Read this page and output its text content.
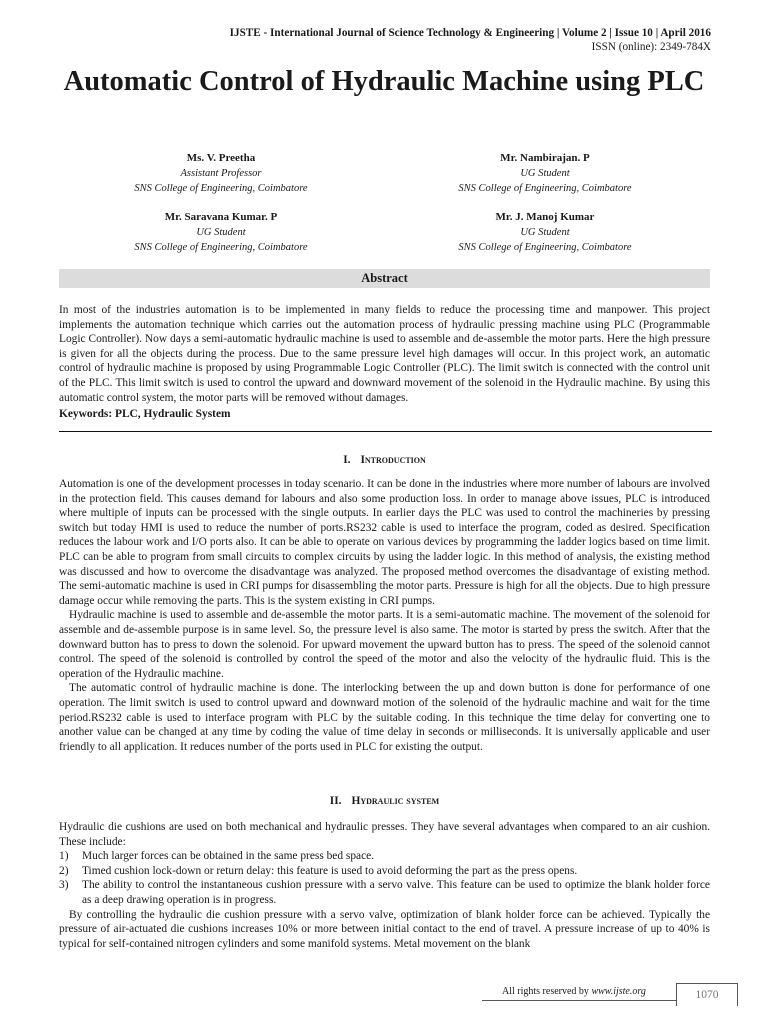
IJSTE - International Journal of Science Technology & Engineering | Volume 2 | Issue 10 | April 2016
ISSN (online): 2349-784X
Automatic Control of Hydraulic Machine using PLC
Ms. V. Preetha
Assistant Professor
SNS College of Engineering, Coimbatore
Mr. Nambirajan. P
UG Student
SNS College of Engineering, Coimbatore
Mr. Saravana Kumar. P
UG Student
SNS College of Engineering, Coimbatore
Mr. J. Manoj Kumar
UG Student
SNS College of Engineering, Coimbatore
Abstract

In most of the industries automation is to be implemented in many fields to reduce the processing time and manpower. This project implements the automation technique which carries out the automation process of hydraulic pressing machine using PLC (Programmable Logic Controller). Now days a semi-automatic hydraulic machine is used to assemble and de-assemble the motor parts. Here the high pressure is given for all the objects during the process. Due to the same pressure level high damages will occur. In this project work, an automatic control of hydraulic machine is proposed by using Programmable Logic Controller (PLC). The limit switch is connected with the control unit of the PLC. This limit switch is used to control the upward and downward movement of the solenoid in the Hydraulic machine. By using this automatic control system, the motor parts will be removed without damages.

Keywords: PLC, Hydraulic System
I. Introduction

Automation is one of the development processes in today scenario. It can be done in the industries where more number of labours are involved in the protection field. This causes demand for labours and also some production loss. In order to manage above issues, PLC is introduced where multiple of inputs can be processed with the single outputs. In earlier days the PLC was used to control the machineries by pressing switch but today HMI is used to reduce the number of ports.RS232 cable is used to interface the program, coded as desired. Specification reduces the labour work and I/O ports also. It can be able to operate on various devices by programming the ladder logics based on time limit. PLC can be able to program from small circuits to complex circuits by using the ladder logic. In this method of analysis, the existing method was discussed and how to overcome the disadvantage was analyzed. The proposed method overcomes the disadvantage of existing method. The semi-automatic machine is used in CRI pumps for disassembling the motor parts. Pressure is high for all the objects. Due to high pressure damage occur while removing the parts. This is the system existing in CRI pumps.

Hydraulic machine is used to assemble and de-assemble the motor parts. It is a semi-automatic machine. The movement of the solenoid for assemble and de-assemble purpose is in same level. So, the pressure level is also same. The motor is started by press the switch. After that the downward button has to press to down the solenoid. For upward movement the upward button has to press. The speed of the solenoid cannot control. The speed of the solenoid is controlled by control the speed of the motor and also the velocity of the hydraulic fluid. This is the operation of the Hydraulic machine.

The automatic control of hydraulic machine is done. The interlocking between the up and down button is done for performance of one operation. The limit switch is used to control upward and downward motion of the solenoid of the hydraulic machine and wait for the time period.RS232 cable is used to interface program with PLC by the suitable coding. In this technique the time delay for converting one to another value can be changed at any time by coding the value of time delay in seconds or milliseconds. It is universally applicable and user friendly to all application. It reduces number of the ports used in PLC for existing the output.

II. Hydraulic system

Hydraulic die cushions are used on both mechanical and hydraulic presses. They have several advantages when compared to an air cushion. These include:

1) Much larger forces can be obtained in the same press bed space.
2) Timed cushion lock-down or return delay: this feature is used to avoid deforming the part as the press opens.
3) The ability to control the instantaneous cushion pressure with a servo valve. This feature can be used to optimize the blank holder force as a deep drawing operation is in progress.

By controlling the hydraulic die cushion pressure with a servo valve, optimization of blank holder force can be achieved. Typically the pressure of air-actuated die cushions increases 10% or more between initial contact to the end of travel. A pressure increase of up to 40% is typical for self-contained nitrogen cylinders and some manifold systems. Metal movement on the blank

All rights reserved by www.ijste.org	1070
